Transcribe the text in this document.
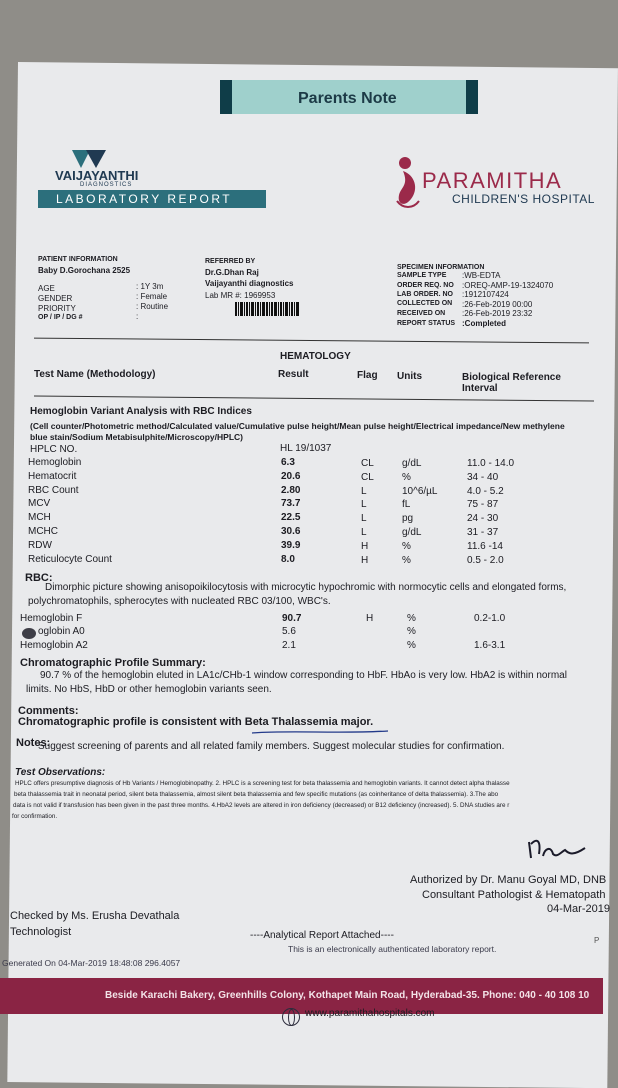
Parents Note
VAIJAYANTHI
DIAGNOSTICS
LABORATORY REPORT
PARAMITHA
CHILDREN'S HOSPITAL
PATIENT INFORMATION
Baby D.Gorochana 2525
AGE	: 1Y 3m
GENDER	: Female
PRIORITY	: Routine
OP / IP / DG #	:
REFERRED BY
Dr.G.Dhan Raj
Vaijayanthi diagnostics
Lab MR #: 1969953
SPECIMEN INFORMATION
SAMPLE TYPE :WB-EDTA
ORDER REQ. NO :OREQ-AMP-19-1324070
LAB ORDER. NO :1912107424
COLLECTED ON :26-Feb-2019 00:00
RECEIVED ON :26-Feb-2019 23:32
REPORT STATUS :Completed
HEMATOLOGY
Test Name (Methodology)	Result	Flag Units	Biological Reference
Interval
Hemoglobin Variant Analysis with RBC Indices
(Cell counter/Photometric method/Calculated value/Cumulative pulse height/Mean pulse height/Electrical impedance/New methylene
blue stain/Sodium Metabisulphite/Microscopy/HPLC)
HPLC NO.	HL 19/1037
Hemoglobin	6.3	CL	g/dL	11.0 - 14.0
Hematocrit	20.6	CL	%	34 - 40
RBC Count	2.80	L	10^6/µL	4.0 - 5.2
MCV	73.7	L	fL	75 - 87
MCH	22.5	L	pg	24 - 30
MCHC	30.6	L	g/dL	31 - 37
RDW	39.9	H	%	11.6 -14
Reticulocyte Count	8.0	H	%	0.5 - 2.0
RBC:
Dimorphic picture showing anisopoikilocytosis with microcytic hypochromic with normocytic cells and elongated forms,
polychromatophils, spherocytes with nucleated RBC 03/100, WBC's.
Hemoglobin F	90.7	H	%	0.2-1.0
oglobin A0	5.6	%
Hemoglobin A2	2.1	%	1.6-3.1
Chromatographic Profile Summary:
90.7 % of the hemoglobin eluted in LA1c/CHb-1 window corresponding to HbF. HbAo is very low. HbA2 is within normal
limits. No HbS, HbD or other hemoglobin variants seen.
Comments:
Chromatographic profile is consistent with Beta Thalassemia major.
Notes:
Suggest screening of parents and all related family members. Suggest molecular studies for confirmation.
Test Observations:
HPLC offers presumptive diagnosis of Hb Variants / Hemoglobinopathy. 2. HPLC is a screening test for beta thalassemia and hemoglobin variants. It cannot detect alpha thalasse
beta thalassemia trait in neonatal period, silent beta thalassemia, almost silent beta thalassemia and few specific mutations (as coinheritance of delta thalassemia). 3.The abo
data is not valid if transfusion has been given in the past three months. 4.HbA2 levels are altered in iron deficiency (decreased) or B12 deficiency (increased). 5. DNA studies are r
for confirmation.
Authorized by Dr. Manu Goyal MD, DNB
Consultant Pathologist & Hematopath
04-Mar-2019
Checked by Ms. Erusha Devathala
Technologist	----Analytical Report Attached----
Generated On 04-Mar-2019 18:48:08 296.4057
This is an electronically authenticated laboratory report.
P
Beside Karachi Bakery, Greenhills Colony, Kothapet Main Road, Hyderabad-35. Phone: 040 - 40 108 10
www.paramithahospitals.com
